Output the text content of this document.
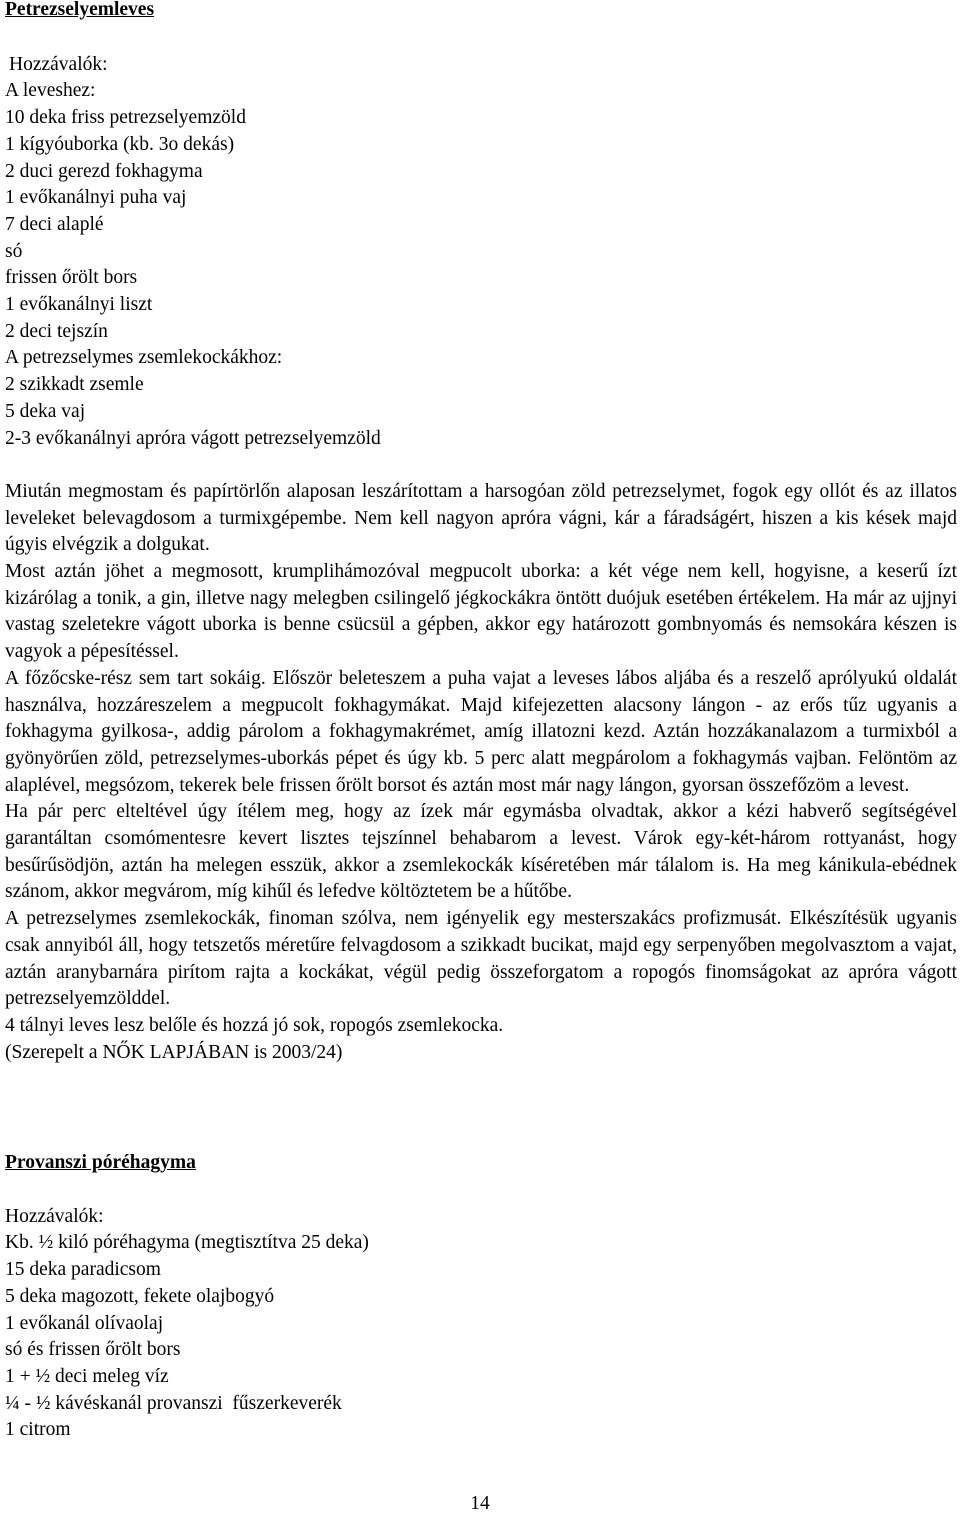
Petrezselyemleves
Hozzávalók:
A leveshez:
10 deka friss petrezselyemzöld
1 kígyóuborka (kb. 3o dekás)
2 duci gerezd fokhagyma
1 evőkanálnyi puha vaj
7 deci alaplé
só
frissen őrölt bors
1 evőkanálnyi liszt
2 deci tejszín
A petrezselymes zsemlekockákhoz:
2 szikkadt zsemle
5 deka vaj
2-3 evőkanálnyi apróra vágott petrezselyemzöld

Miután megmostam és papírtörlőn alaposan leszárítottam a harsogóan zöld petrezselymet, fogok egy ollót és az illatos leveleket belevagdosom a turmixgépembe. Nem kell nagyon apróra vágni, kár a fáradságért, hiszen a kis kések majd úgyis elvégzik a dolgukat.

Most aztán jöhet a megmosott, krumplihámozóval megpucolt uborka: a két vége nem kell, hogyisne, a keserű ízt kizárólag a tonik, a gin, illetve nagy melegben csilingelő jégkockákra öntött duójuk esetében értékelem. Ha már az ujjnyi vastag szeletekre vágott uborka is benne csücsül a gépben, akkor egy határozott gombnyomás és nemsokára készen is vagyok a pépesítéssel.

A főzőcske-rész sem tart sokáig. Először beleteszem a puha vajat a leveses lábos aljába és a reszelő aprólyukú oldalát használva, hozzáreszelem a megpucolt fokhagymákat. Majd kifejezetten alacsony lángon - az erős tűz ugyanis a fokhagyma gyilkosa-, addig párolom a fokhagymakrémet, amíg illatozni kezd. Aztán hozzákanalazom a turmixból a gyönyörűen zöld, petrezselymes-uborkás pépet és úgy kb. 5 perc alatt megpárolom a fokhagymás vajban. Felöntöm az alaplével, megsózom, tekerek bele frissen őrölt borsot és aztán most már nagy lángon, gyorsan összefőzöm a levest.

Ha pár perc elteltével úgy ítélem meg, hogy az ízek már egymásba olvadtak, akkor a kézi habverő segítségével garantáltan csomómentesre kevert lisztes tejszínnel behabarom a levest. Várok egy-két-három rottyanást, hogy besűrűsödjön, aztán ha melegen esszük, akkor a zsemlekockák kíséretében már tálalom is. Ha meg kánikula-ebédnek szánom, akkor megvárom, míg kihűl és lefedve költöztetem be a hűtőbe.

A petrezselymes zsemlekockák, finoman szólva, nem igényelik egy mesterszakács profizmusát. Elkészítésük ugyanis csak annyiból áll, hogy tetszetős méretűre felvagdosom a szikkadt bucikat, majd egy serpenyőben megolvasztom a vajat, aztán aranybarnára pirítom rajta a kockákat, végül pedig összeforgatom a ropogós finomságokat az apróra vágott petrezselyemzölddel.

4 tálnyi leves lesz belőle és hozzá jó sok, ropogós zsemlekocka.

(Szerepelt a NŐK LAPJÁBAN is 2003/24)

Provanszi póréhagyma
Hozzávalók:
Kb. ½ kiló póréhagyma (megtisztítva 25 deka)
15 deka paradicsom
5 deka magozott, fekete olajbogyó
1 evőkanál olívaolaj
só és frissen őrölt bors
1 + ½ deci meleg víz
¼ - ½ kávéskanál provanszi  fűszerkeverék
1 citrom
14
